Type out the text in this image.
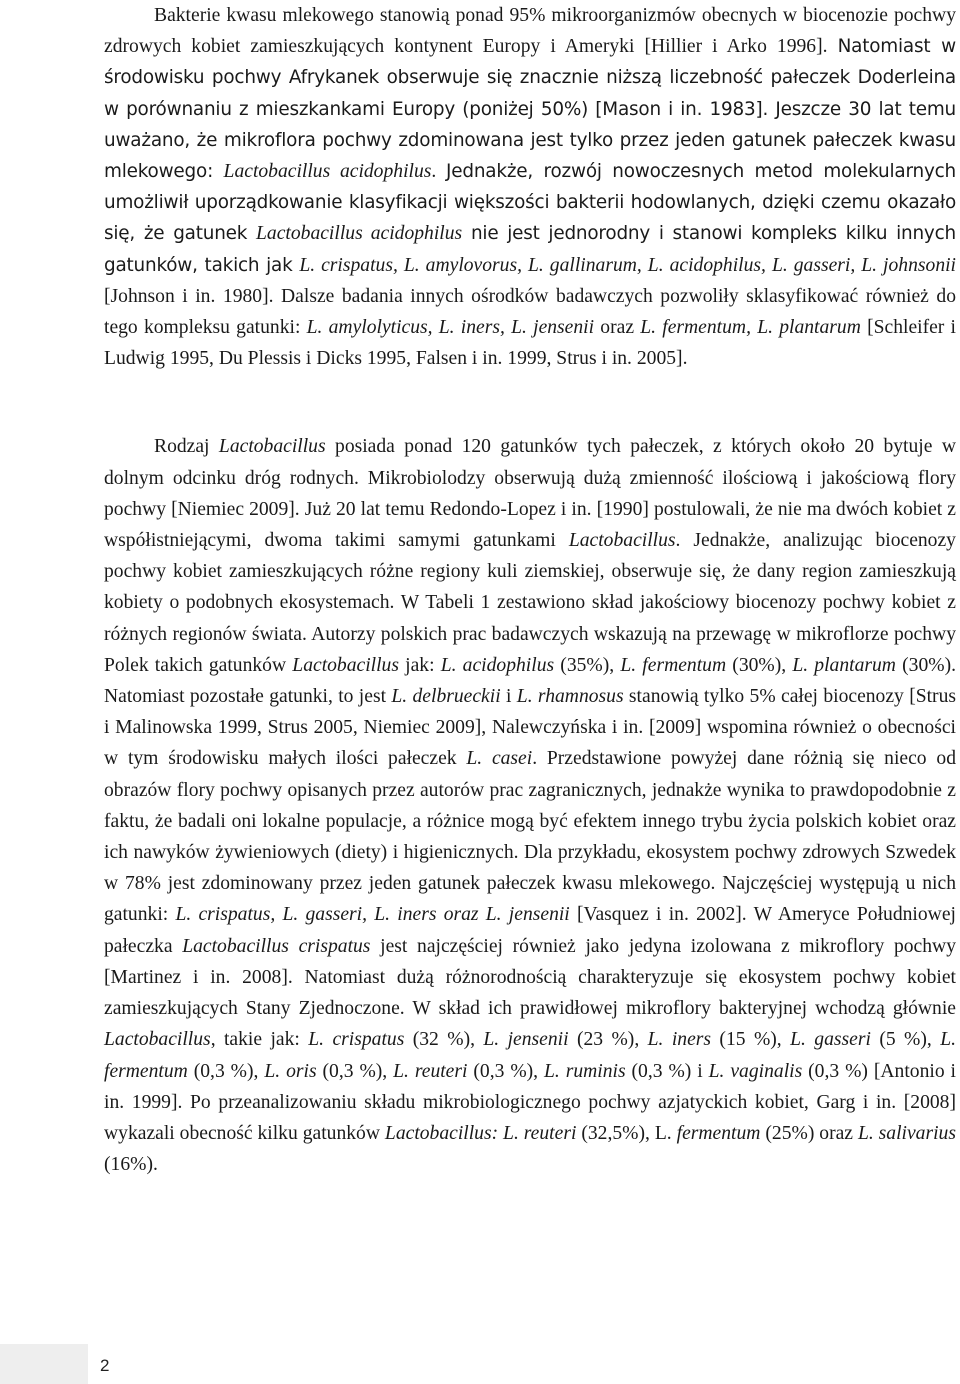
Bakterie kwasu mlekowego stanowią ponad 95% mikroorganizmów obecnych w biocenozie pochwy zdrowych kobiet zamieszkujących kontynent Europy i Ameryki [Hillier i Arko 1996]. Natomiast w środowisku pochwy Afrykanek obserwuje się znacznie niższą liczebność pałeczek Doderleina w porównaniu z mieszkankami Europy (poniżej 50%) [Mason i in. 1983]. Jeszcze 30 lat temu uważano, że mikroflora pochwy zdominowana jest tylko przez jeden gatunek pałeczek kwasu mlekowego: Lactobacillus acidophilus. Jednakże, rozwój nowoczesnych metod molekularnych umożliwił uporządkowanie klasyfikacji większości bakterii hodowlanych, dzięki czemu okazało się, że gatunek Lactobacillus acidophilus nie jest jednorodny i stanowi kompleks kilku innych gatunków, takich jak L. crispatus, L. amylovorus, L. gallinarum, L. acidophilus, L. gasseri, L. johnsonii [Johnson i in. 1980]. Dalsze badania innych ośrodków badawczych pozwoliły sklasyfikować również do tego kompleksu gatunki: L. amylolyticus, L. iners, L. jensenii oraz L. fermentum, L. plantarum [Schleifer i Ludwig 1995, Du Plessis i Dicks 1995, Falsen i in. 1999, Strus i in. 2005].

Rodzaj Lactobacillus posiada ponad 120 gatunków tych pałeczek, z których około 20 bytuje w dolnym odcinku dróg rodnych. Mikrobiolodzy obserwują dużą zmienność ilościową i jakościową flory pochwy [Niemiec 2009]. Już 20 lat temu Redondo-Lopez i in. [1990] postulowali, że nie ma dwóch kobiet z współistniejącymi, dwoma takimi samymi gatunkami Lactobacillus. Jednakże, analizując biocenozy pochwy kobiet zamieszkujących różne regiony kuli ziemskiej, obserwuje się, że dany region zamieszkują kobiety o podobnych ekosystemach. W Tabeli 1 zestawiono skład jakościowy biocenozy pochwy kobiet z różnych regionów świata. Autorzy polskich prac badawczych wskazują na przewagę w mikroflorze pochwy Polek takich gatunków Lactobacillus jak: L. acidophilus (35%), L. fermentum (30%), L. plantarum (30%). Natomiast pozostałe gatunki, to jest L. delbrueckii i L. rhamnosus stanowią tylko 5% całej biocenozy [Strus i Malinowska 1999, Strus 2005, Niemiec 2009], Nalewczyńska i in. [2009] wspomina również o obecności w tym środowisku małych ilości pałeczek L. casei. Przedstawione powyżej dane różnią się nieco od obrazów flory pochwy opisanych przez autorów prac zagranicznych, jednakże wynika to prawdopodobnie z faktu, że badali oni lokalne populacje, a różnice mogą być efektem innego trybu życia polskich kobiet oraz ich nawyków żywieniowych (diety) i higienicznych. Dla przykładu, ekosystem pochwy zdrowych Szwedek w 78% jest zdominowany przez jeden gatunek pałeczek kwasu mlekowego. Najczęściej występują u nich gatunki: L. crispatus, L. gasseri, L. iners oraz L. jensenii [Vasquez i in. 2002]. W Ameryce Południowej pałeczka Lactobacillus crispatus jest najczęściej również jako jedyna izolowana z mikroflory pochwy [Martinez i in. 2008]. Natomiast dużą różnorodnością charakteryzuje się ekosystem pochwy kobiet zamieszkujących Stany Zjednoczone. W skład ich prawidłowej mikroflory bakteryjnej wchodzą głównie Lactobacillus, takie jak: L. crispatus (32 %), L. jensenii (23 %), L. iners (15 %), L. gasseri (5 %), L. fermentum (0,3 %), L. oris (0,3 %), L. reuteri (0,3 %), L. ruminis (0,3 %) i L. vaginalis (0,3 %) [Antonio i in. 1999]. Po przeanalizowaniu składu mikrobiologicznego pochwy azjatyckich kobiet, Garg i in. [2008] wykazali obecność kilku gatunków Lactobacillus: L. reuteri (32,5%), L. fermentum (25%) oraz L. salivarius (16%).

2
